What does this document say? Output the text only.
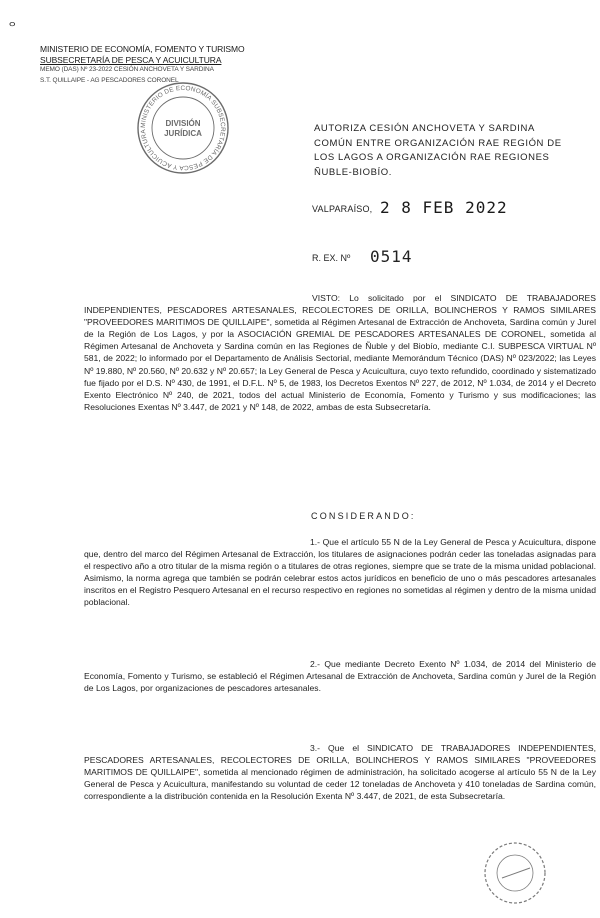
ᄋ
MINISTERIO DE ECONOMÍA, FOMENTO Y TURISMO
SUBSECRETARÍA DE PESCA Y ACUICULTURA
MEMO (DAS) Nº 23-2022 CESIÓN ANCHOVETA Y SARDINA
S.T. QUILLAIPE - AG PESCADORES CORONEL
MINISTERIO DE ECONOMÍA SUBSECRETARÍA DE PESCA Y ACUICULTURA
DIVISIÓN
JURÍDICA	AUTORIZA CESIÓN ANCHOVETA Y SARDINA COMÚN ENTRE ORGANIZACIÓN RAE REGIÓN DE LOS LAGOS A ORGANIZACIÓN RAE REGIONES ÑUBLE-BIOBÍO.
VALPARAÍSO, 2 8 FEB 2022
R. EX. Nº 0514
VISTO: Lo solicitado por el SINDICATO DE TRABAJADORES INDEPENDIENTES, PESCADORES ARTESANALES, RECOLECTORES DE ORILLA, BOLINCHEROS Y RAMOS SIMILARES "PROVEEDORES MARITIMOS DE QUILLAIPE", sometida al Régimen Artesanal de Extracción de Anchoveta, Sardina común y Jurel de la Región de Los Lagos, y por la ASOCIACIÓN GREMIAL DE PESCADORES ARTESANALES DE CORONEL, sometida al Régimen Artesanal de Anchoveta y Sardina común en las Regiones de Ñuble y del Biobío, mediante C.I. SUBPESCA VIRTUAL Nº 581, de 2022; lo informado por el Departamento de Análisis Sectorial, mediante Memorándum Técnico (DAS) Nº 023/2022; las Leyes Nº 19.880, Nº 20.560, Nº 20.632 y Nº 20.657; la Ley General de Pesca y Acuicultura, cuyo texto refundido, coordinado y sistematizado fue fijado por el D.S. Nº 430, de 1991, el D.F.L. Nº 5, de 1983, los Decretos Exentos Nº 227, de 2012, Nº 1.034, de 2014 y el Decreto Exento Electrónico Nº 240, de 2021, todos del actual Ministerio de Economía, Fomento y Turismo y sus modificaciones; las Resoluciones Exentas Nº 3.447, de 2021 y Nº 148, de 2022, ambas de esta Subsecretaría.
CONSIDERANDO:
1.- Que el artículo 55 N de la Ley General de Pesca y Acuicultura, dispone que, dentro del marco del Régimen Artesanal de Extracción, los titulares de asignaciones podrán ceder las toneladas asignadas para el respectivo año a otro titular de la misma región o a titulares de otras regiones, siempre que se trate de la misma unidad poblacional. Asimismo, la norma agrega que también se podrán celebrar estos actos jurídicos en beneficio de uno o más pescadores artesanales inscritos en el Registro Pesquero Artesanal en el recurso respectivo en regiones no sometidas al régimen y dentro de la misma unidad poblacional.
2.- Que mediante Decreto Exento Nº 1.034, de 2014 del Ministerio de Economía, Fomento y Turismo, se estableció el Régimen Artesanal de Extracción de Anchoveta, Sardina común y Jurel de la Región de Los Lagos, por organizaciones de pescadores artesanales.
3.- Que el SINDICATO DE TRABAJADORES INDEPENDIENTES, PESCADORES ARTESANALES, RECOLECTORES DE ORILLA, BOLINCHEROS Y RAMOS SIMILARES "PROVEEDORES MARITIMOS DE QUILLAIPE", sometida al mencionado régimen de administración, ha solicitado acogerse al artículo 55 N de la Ley General de Pesca y Acuicultura, manifestando su voluntad de ceder 12 toneladas de Anchoveta y 410 toneladas de Sardina común, correspondiente a la distribución contenida en la Resolución Exenta Nº 3.447, de 2021, de esta Subsecretaría.
